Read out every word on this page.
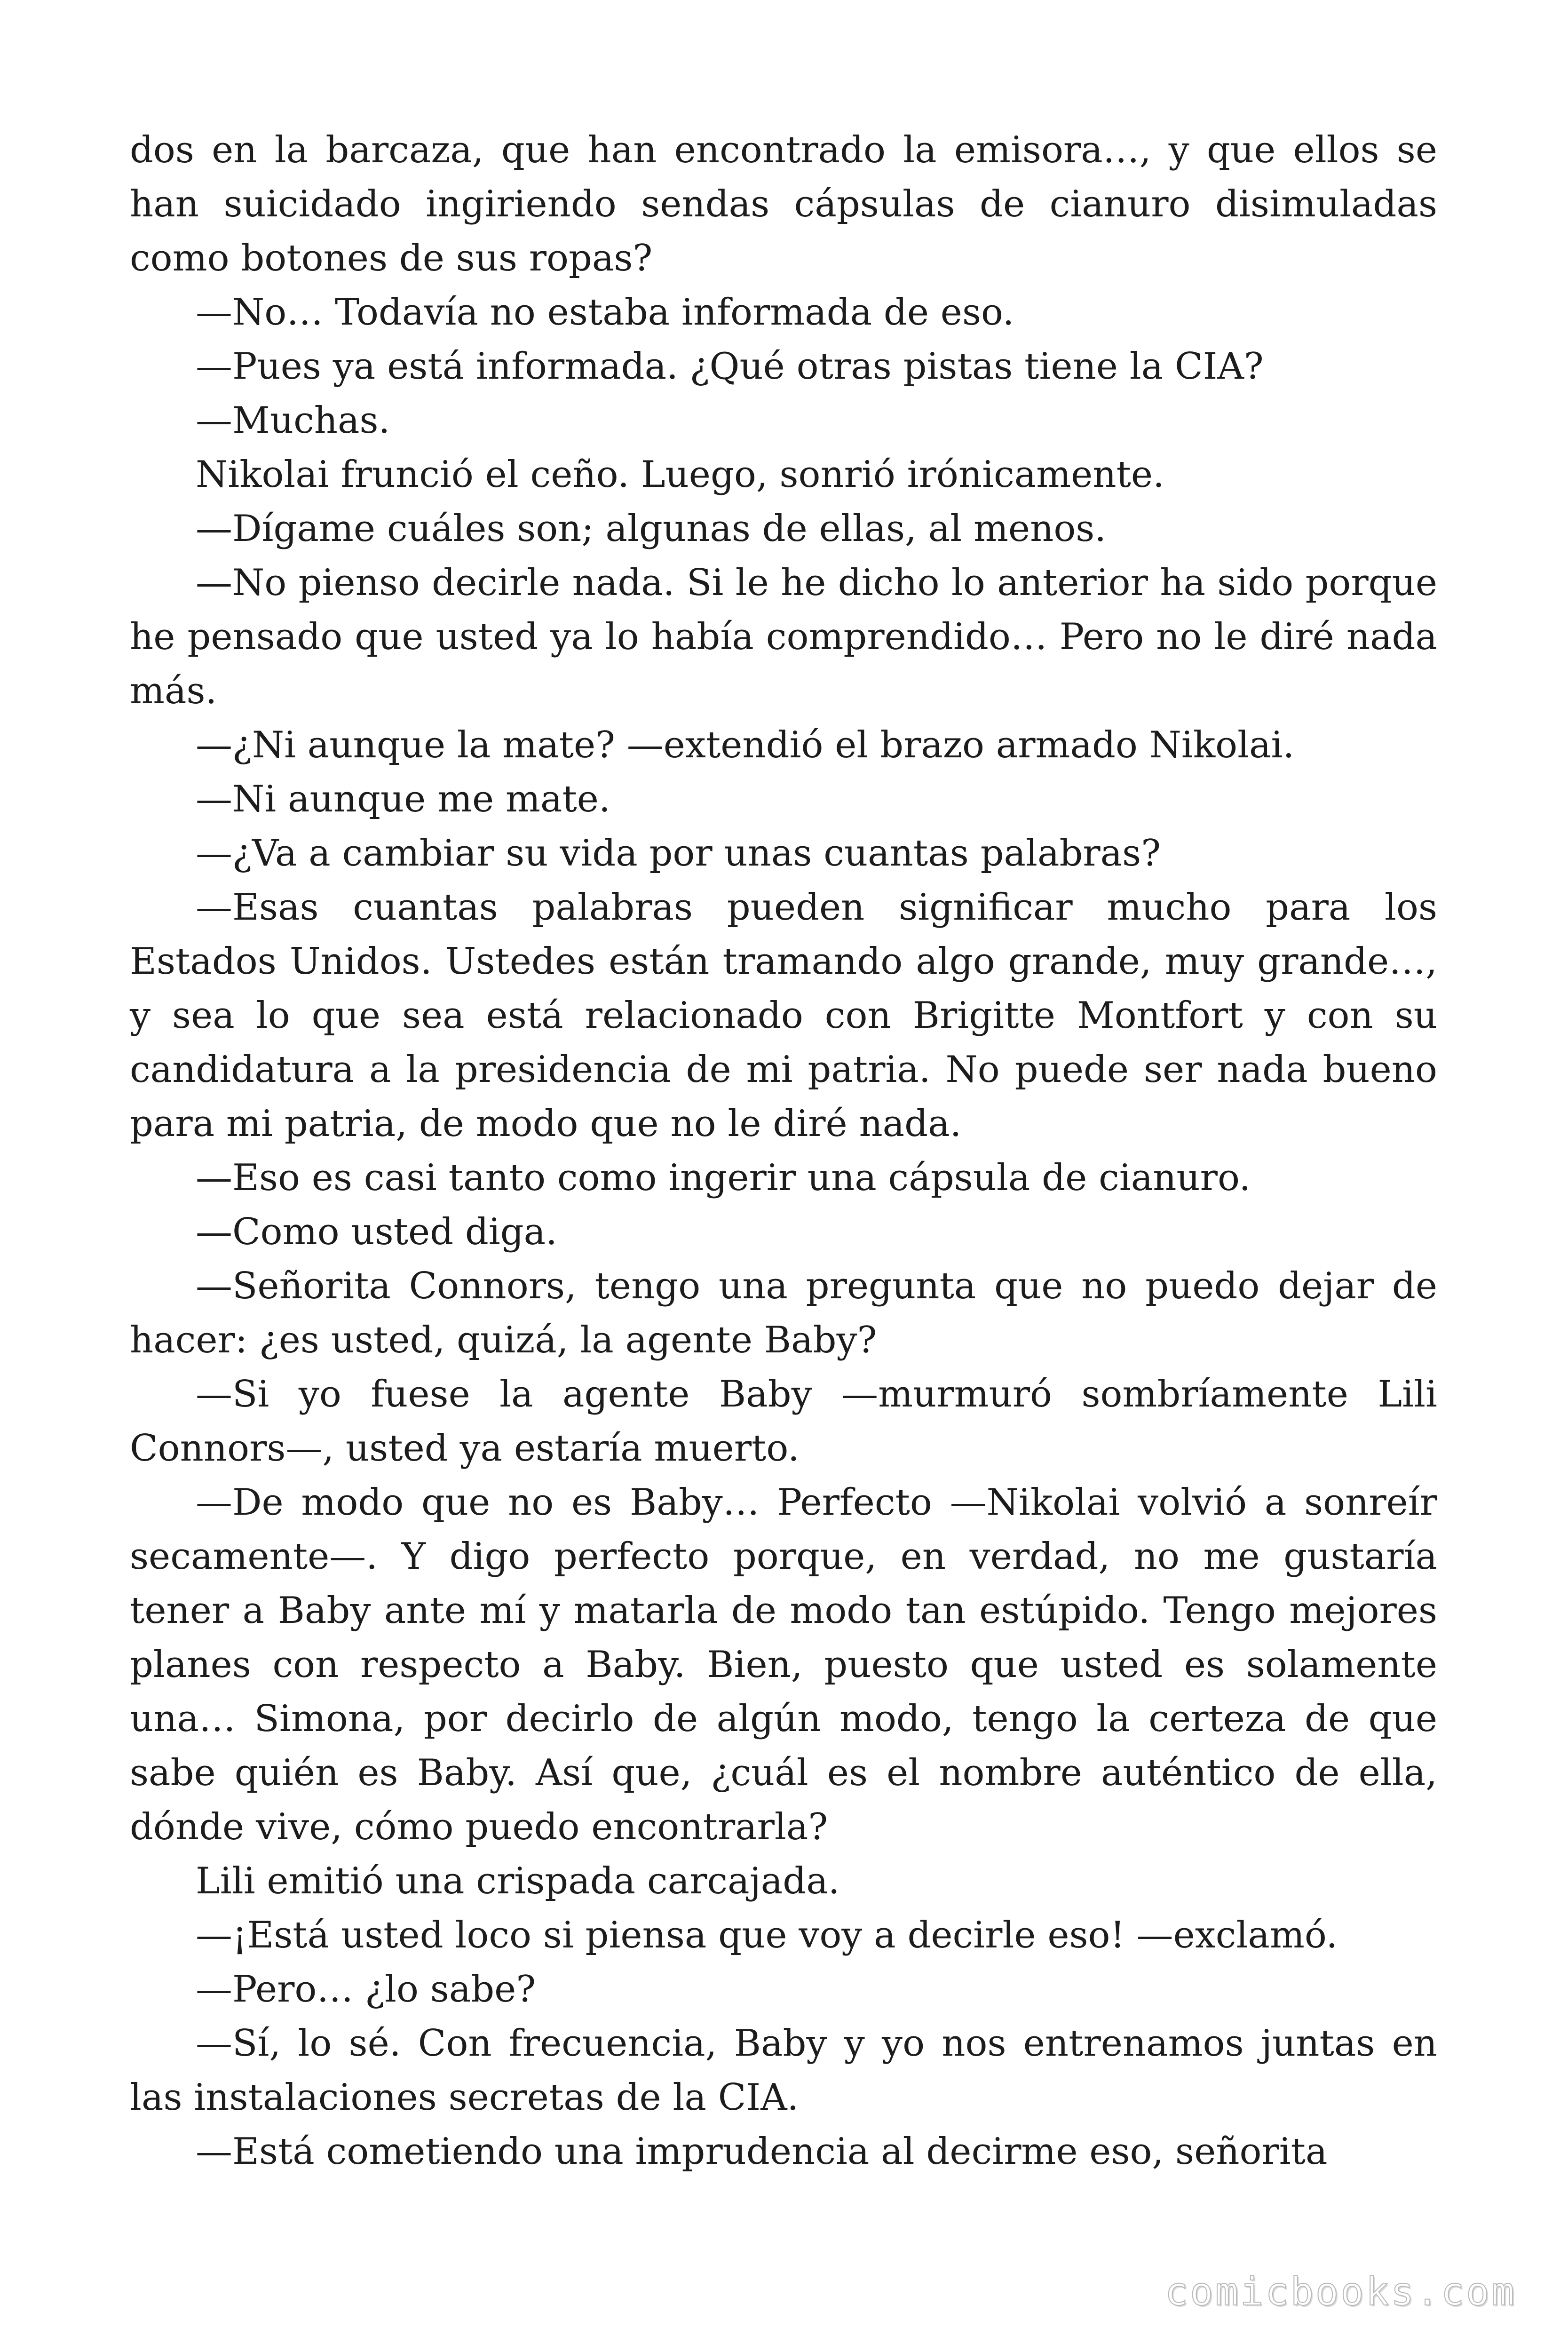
dos en la barcaza, que han encontrado la emisora…, y que ellos se han suicidado ingiriendo sendas cápsulas de cianuro disimuladas como botones de sus ropas?

—No… Todavía no estaba informada de eso.

—Pues ya está informada. ¿Qué otras pistas tiene la CIA?

—Muchas.

Nikolai frunció el ceño. Luego, sonrió irónicamente.

—Dígame cuáles son; algunas de ellas, al menos.

—No pienso decirle nada. Si le he dicho lo anterior ha sido porque he pensado que usted ya lo había comprendido… Pero no le diré nada más.

—¿Ni aunque la mate? —extendió el brazo armado Nikolai.

—Ni aunque me mate.

—¿Va a cambiar su vida por unas cuantas palabras?

—Esas cuantas palabras pueden significar mucho para los Estados Unidos. Ustedes están tramando algo grande, muy grande…, y sea lo que sea está relacionado con Brigitte Montfort y con su candidatura a la presidencia de mi patria. No puede ser nada bueno para mi patria, de modo que no le diré nada.

—Eso es casi tanto como ingerir una cápsula de cianuro.

—Como usted diga.

—Señorita Connors, tengo una pregunta que no puedo dejar de hacer: ¿es usted, quizá, la agente Baby?

—Si yo fuese la agente Baby —murmuró sombríamente Lili Connors—, usted ya estaría muerto.

—De modo que no es Baby… Perfecto —Nikolai volvió a sonreír secamente—. Y digo perfecto porque, en verdad, no me gustaría tener a Baby ante mí y matarla de modo tan estúpido. Tengo mejores planes con respecto a Baby. Bien, puesto que usted es solamente una… Simona, por decirlo de algún modo, tengo la certeza de que sabe quién es Baby. Así que, ¿cuál es el nombre auténtico de ella, dónde vive, cómo puedo encontrarla?

Lili emitió una crispada carcajada.

—¡Está usted loco si piensa que voy a decirle eso! —exclamó.

—Pero… ¿lo sabe?

—Sí, lo sé. Con frecuencia, Baby y yo nos entrenamos juntas en las instalaciones secretas de la CIA.

—Está cometiendo una imprudencia al decirme eso, señorita

comicbooks.com
